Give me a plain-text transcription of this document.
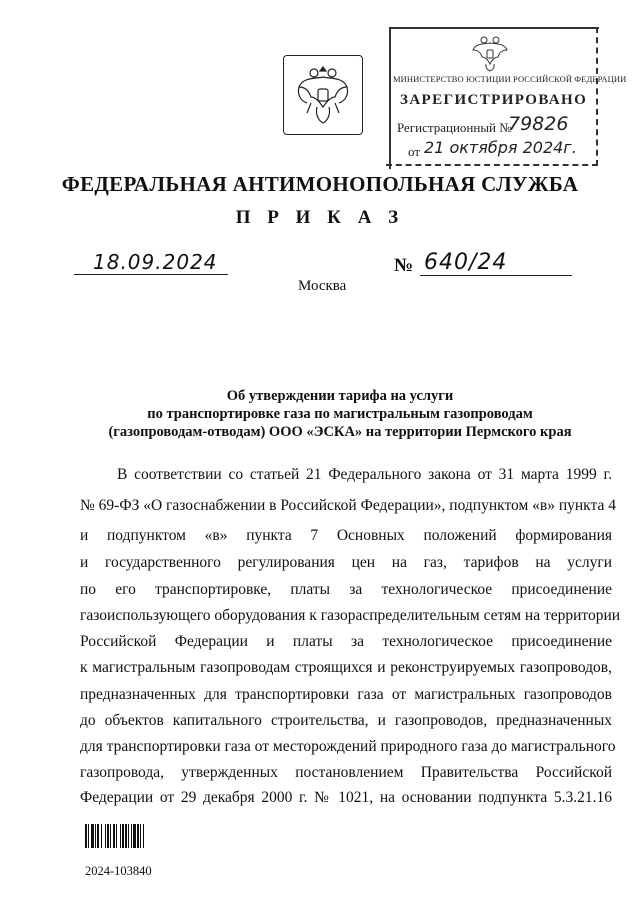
МИНИСТЕРСТВО ЮСТИЦИИ РОССИЙСКОЙ ФЕДЕРАЦИИ
ЗАРЕГИСТРИРОВАНО
Регистрационный №
79826
от 21 октября 2024г.
ФЕДЕРАЛЬНАЯ АНТИМОНОПОЛЬНАЯ СЛУЖБА
П Р И К А З
18.09.2024
Москва
№ 640/24
Об утверждении тарифа на услуги
по транспортировке газа по магистральным газопроводам
(газопроводам-отводам) ООО «ЭСКА» на территории Пермского края
В соответствии со статьей 21 Федерального закона от 31 марта 1999 г.
№ 69-ФЗ «О газоснабжении в Российской Федерации», подпунктом «в» пункта 4
и подпунктом «в» пункта 7 Основных положений формирования
и государственного регулирования цен на газ, тарифов на услуги
по его транспортировке, платы за технологическое присоединение
газоиспользующего оборудования к газораспределительным сетям на территории
Российской Федерации и платы за технологическое присоединение
к магистральным газопроводам строящихся и реконструируемых газопроводов,
предназначенных для транспортировки газа от магистральных газопроводов
до объектов капитального строительства, и газопроводов, предназначенных
для транспортировки газа от месторождений природного газа до магистрального
газопровода, утвержденных постановлением Правительства Российской
Федерации от 29 декабря 2000 г. № 1021, на основании подпункта 5.3.21.16
2024-103840
